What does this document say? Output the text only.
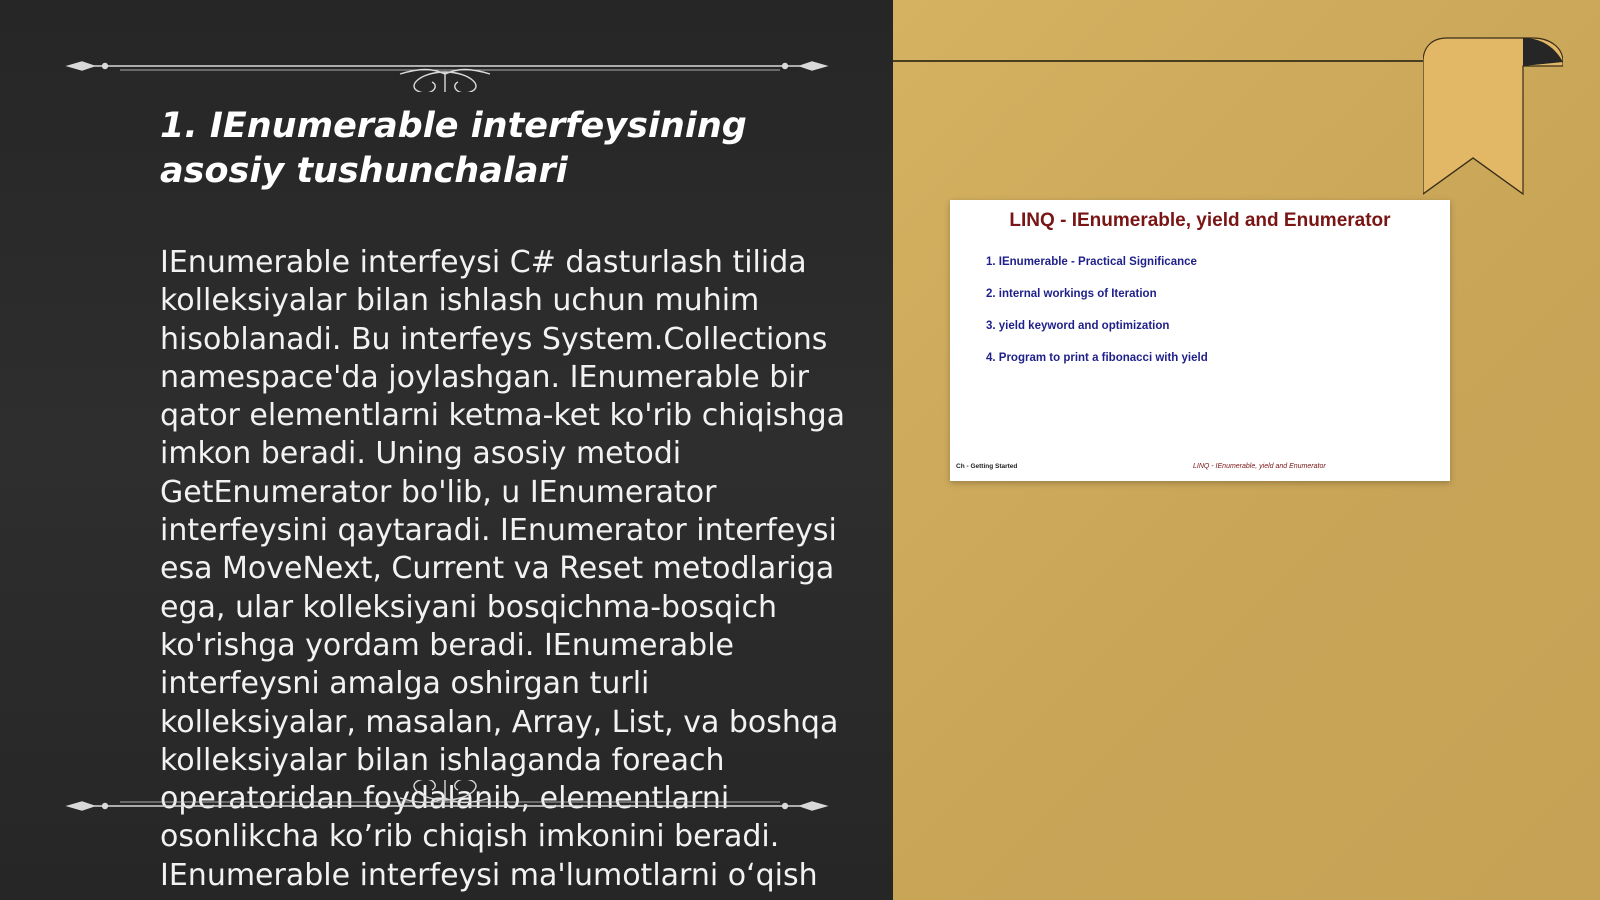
1. IEnumerable interfeysining asosiy tushunchalari

IEnumerable interfeysi C# dasturlash tilida kolleksiyalar bilan ishlash uchun muhim hisoblanadi. Bu interfeys System.Collections namespace'da joylashgan. IEnumerable bir qator elementlarni ketma-ket ko'rib chiqishga imkon beradi. Uning asosiy metodi GetEnumerator bo'lib, u IEnumerator interfeysini qaytaradi. IEnumerator interfeysi esa MoveNext, Current va Reset metodlariga ega, ular kolleksiyani bosqichma-bosqich ko'rishga yordam beradi. IEnumerable interfeysni amalga oshirgan turli kolleksiyalar, masalan, Array, List, va boshqa kolleksiyalar bilan ishlaganda foreach operatoridan foydalanib, elementlarni osonlikcha ko’rib chiqish imkonini beradi. IEnumerable interfeysi ma'lumotlarni o‘qish

LINQ - IEnumerable, yield and Enumerator
1. IEnumerable - Practical Significance
2. internal workings of Iteration
3. yield keyword and optimization
4. Program to print a fibonacci with yield
Ch - Getting Started	LINQ - IEnumerable, yield and Enumerator
